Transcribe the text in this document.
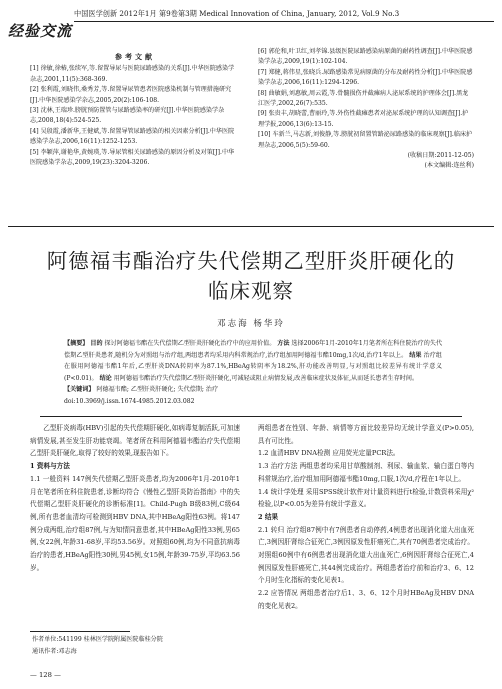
经验交流
中国医学创新 2012年1月 第9卷第3期 Medical Innovation of China, January, 2012, Vol.9 No.3
参考文献

[1] 徐敏,徐椿,张续军,等.留置导尿与医院尿路感染的关系[J].中华医院感染学杂志,2001,11(5):368-369.

[2] 张利霞,刘晓伟,桑秀芳,等.留置导尿管患者医院感染机制与管理措施研究[J].中华医院感染学杂志,2005,20(2):106-108.

[3] 沈林,王瑞珍.膀胱预防置管与尿路感染率的研究[J].中华医院感染学杂志,2008,18(4):524-525.

[4] 吴殷霞,潘新华,王健斌,等.留置导管尿路感染的相关因素分析[J].中华医院感染学杂志,2006,16(11):1252-1253.

[5] 李颖萍,谢艳华,黄婉瑛,等.导尿管相关尿路感染的原因分析及对策[J].中华医院感染学杂志,2009,19(23):3204-3206.

[6] 郭伦和,叶卫红,刘孝锦.县级医院尿路感染病原菌的耐药性调查[J].中华医院感染学杂志,2009,19(1):102-104.

[7] 郑健,蒋伟星,张晓兵.尿路感染常见病原菌的分布及耐药性分析[J].中华医院感染学杂志,2006,16(11):1294-1296.

[8] 曲敏娟,刘惠敏,周云霞,等.骨髓损伤并截瘫病人泌尿系统的护理体会[J].黑龙江医学,2002,26(7):535.

[9] 张贵丰,胡晓蕾,曹丽玲,等.外伤性截瘫患者对泌尿系统护理的认知调查[J].护理学报,2006,13(6):13-15.

[10] 车新兰,马志新,刘俊静,等.膀胱初留置管路泌尿路感染的临床观察[J].临床护理杂志,2006,5(5):59-60.

(收稿日期:2011-12-05)

(本文编辑:连丝利)

阿德福韦酯治疗失代偿期乙型肝炎肝硬化的
临床观察
邓志海 杨华玲
【摘要】 目的 探讨阿德福韦酯在失代偿期乙型肝炎肝硬化治疗中的应用价值。 方法 选择2006年1月-2010年1月笔者所在科住院治疗的失代偿期乙型肝炎患者,随机分为对照组与治疗组,两组患者均采用内科常规治疗,治疗组加用阿德福韦酯10mg,1次/d,治疗1年以上。 结果 治疗组在服用阿德福韦酯1年后,乙型肝炎DNA转阴率为87.1%,HBeAg转阴率为18.2%,肝功能改善明显,与对照组比较差异有统计学意义(P<0.01)。 结论 用阿德福韦酯治疗失代偿期乙型肝炎肝硬化,可减轻或阻止病情发展,改善临床症状及体征,从而延长患者生存时间。
【关键词】 阿德福韦酯; 乙型肝炎肝硬化; 失代偿期; 治疗
doi:10.3969/j.issn.1674-4985.2012.03.082

乙型肝炎病毒(HBV)引起的失代偿期肝硬化,如病毒复制活跃,可加速病情发展,甚至发生肝功能衰竭。笔者所在科用阿德福韦酯治疗失代偿期乙型肝炎肝硬化,取得了较好的效果,现报告如下。

1 资料与方法

1.1 一般资料 147例失代偿期乙型肝炎患者,均为2006年1月-2010年1月在笔者所在科住院患者,诊断均符合《慢性乙型肝炎防治指南》中的失代偿期乙型肝炎肝硬化的诊断标准[1]。Child-Pugh B级83例,C级64例,所有患者血清均可检测到HBV DNA,其中HBeAg阳性63例。将147例分成两组,治疗组87例,与为知情同意患者,其中HBeAg阳性33例,男65例,女22例,年龄31-68岁,平均53.56岁。对照组60例,均为不同意抗病毒治疗的患者,HBeAg阳性30例,男45例,女15例,年龄39-75岁,平均63.56岁。

作者单位:541199 桂林医学院附属医院临桂分院
通讯作者:邓志海
— 128 —

两组患者在性别、年龄、病情等方面比较差异均无统计学意义(P>0.05),具有可比性。

1.2 血清HBV DNA检测 应用荧光定量PCR法。

1.3 治疗方法 两组患者均采用甘草酸制剂、利尿、输血浆、输白蛋白等内科常规治疗,治疗组加用阿德福韦酯10mg,口服,1次/d,疗程在1年以上。

1.4 统计学处理 采用SPSS统计软件对计量资料进行t检验,计数资料采用χ²检验,以P<0.05为差异有统计学意义。

2 结果

2.1 转归 治疗组87例中有7例患者自动停药,4例患者出现消化道大出血死亡,3例因肝肾综合征死亡,3例因原发性肝癌死亡,其有70例患者完成治疗。对照组60例中有6例患者出现消化道大出血死亡,6例因肝肾综合征死亡,4例因原发性肝癌死亡,其44例完成治疗。两组患者治疗前和治疗3、6、12个月时生化指标的变化见表1。

2.2 应答情况 两组患者治疗后1、3、6、12个月时HBeAg及HBV DNA的变化见表2。
